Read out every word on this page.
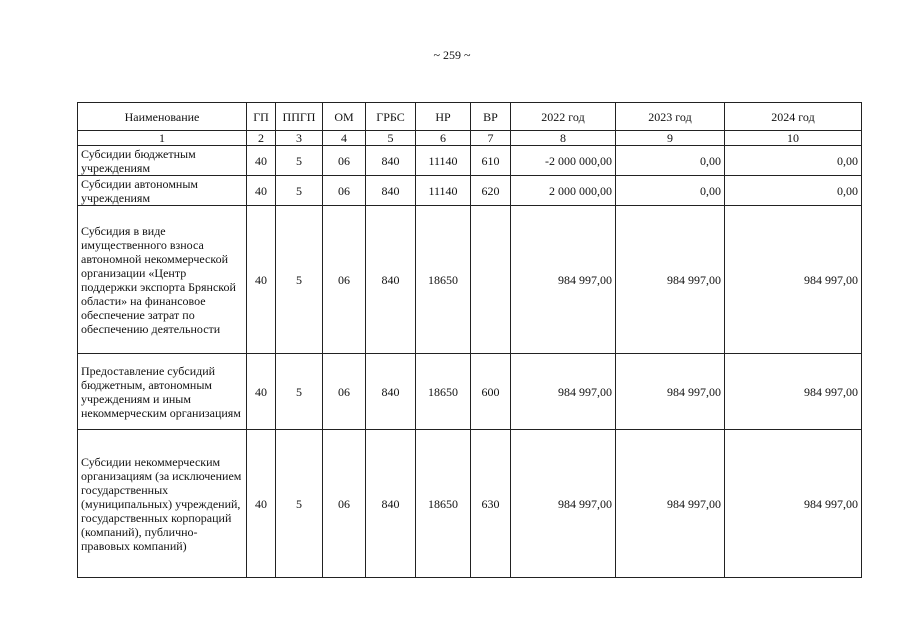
~ 259 ~
Наименование	ГП	ППГП	ОМ	ГРБС	НР	ВР	2022 год	2023 год	2024 год
1	2	3	4	5	6	7	8	9	10
Субсидии бюджетным учреждениям	40	5	06	840	11140	610	-2 000 000,00	0,00	0,00
Субсидии автономным учреждениям	40	5	06	840	11140	620	2 000 000,00	0,00	0,00
Субсидия в виде имущественного взноса автономной некоммерческой организации «Центр поддержки экспорта Брянской области» на финансовое обеспечение затрат по обеспечению деятельности	40	5	06	840	18650		984 997,00	984 997,00	984 997,00
Предоставление субсидий бюджетным, автономным учреждениям и иным некоммерческим организациям	40	5	06	840	18650	600	984 997,00	984 997,00	984 997,00
Субсидии некоммерческим организациям (за исключением государственных (муниципальных) учреждений, государственных корпораций (компаний), публично-правовых компаний)	40	5	06	840	18650	630	984 997,00	984 997,00	984 997,00
